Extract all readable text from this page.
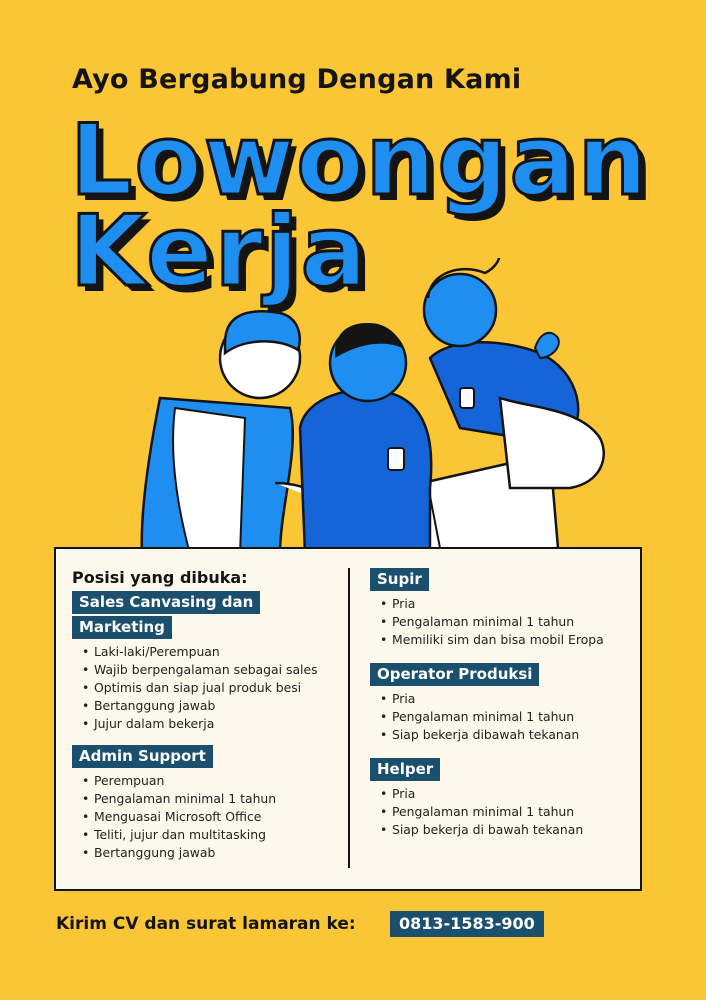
Ayo Bergabung Dengan Kami
Lowongan
Kerja
Posisi yang dibuka:
Sales Canvasing dan
Marketing
• Laki-laki/Perempuan
• Wajib berpengalaman sebagai sales
• Optimis dan siap jual produk besi
• Bertanggung jawab
• Jujur dalam bekerja
Admin Support
• Perempuan
• Pengalaman minimal 1 tahun
• Menguasai Microsoft Office
• Teliti, jujur dan multitasking
• Bertanggung jawab
Supir
• Pria
• Pengalaman minimal 1 tahun
• Memiliki sim dan bisa mobil Eropa
Operator Produksi
• Pria
• Pengalaman minimal 1 tahun
• Siap bekerja dibawah tekanan
Helper
• Pria
• Pengalaman minimal 1 tahun
• Siap bekerja di bawah tekanan
Kirim CV dan surat lamaran ke:	0813-1583-900
